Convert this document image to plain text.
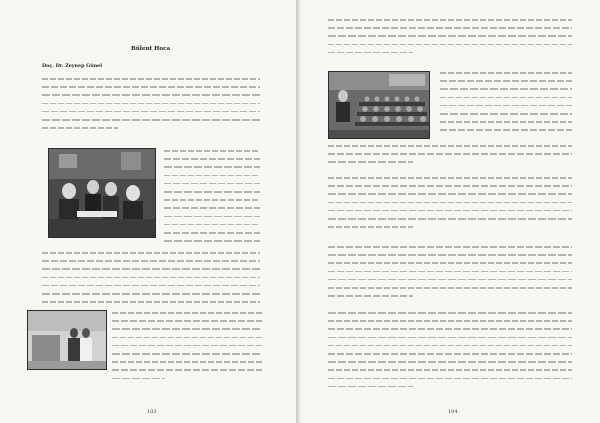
Bülent Hoca
Doç. Dr. Zeynep Günel
103	104
